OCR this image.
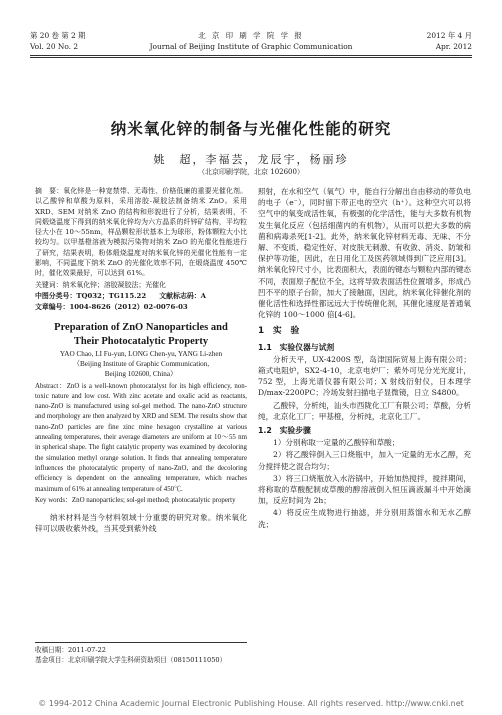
第 20 卷 第 2 期	北 京 印 刷 学 院 学 报	2012 年 4 月
Vol. 20 No. 2	Journal of Beijing Institute of Graphic Communication	Apr. 2012
纳米氧化锌的制备与光催化性能的研究
姚　超，李福芸，龙辰宇，杨丽珍
（北京印刷学院，北京 102600）

摘　要：氧化锌是一种宽禁带、无毒性、价格低廉的重要光催化剂。以乙酸锌和草酸为原料，采用溶胶-凝胶法制备纳米 ZnO。采用 XRD、SEM 对纳米 ZnO 的结构和形貌进行了分析，结果表明，不同煅烧温度下得到的纳米氧化锌均为六方晶系的纤锌矿结构，平均粒径大小在 10～55nm，样品颗粒形状基本上为球形，粉体颗粒大小比较均匀。以甲基橙溶液为模拟污染物对纳米 ZnO 的光催化性能进行了研究，结果表明，粉体煅烧温度对纳米氧化锌的光催化性能有一定影响，不同温度下纳米 ZnO 的光催化效率不同，在煅烧温度 450℃时，催化效果最好，可以达到 61%。

关键词：纳米氧化锌；溶胶凝胶法；光催化

中图分类号：TQ032；TG115.22 文献标志码：A

文章编号：1004-8626（2012）02-0076-03

Preparation of ZnO Nanoparticles and
Their Photocatalytic Property
YAO Chao, LI Fu-yun, LONG Chen-yu, YANG Li-zhen
（Beijing Institute of Graphic Communication,
Beijing 102600, China）

Abstract：ZnO is a well-known photocatalyst for its high efficiency, non-toxic nature and low cost. With zinc acetate and oxalic acid as reactants, nano-ZnO is manufactured using sol-gel method. The nano-ZnO structure and morphology are then analyzed by XRD and SEM. The results show that nano-ZnO particles are fine zinc mine hexagon crystalline at various annealing temperatures, their average diameters are uniform at 10～55 nm in spherical shape. The fight catalytic property was examined by decoloring the simulation methyl orange solution. It finds that annealing temperature influences the photocatalytic property of nano-ZnO, and the decoloring efficiency is dependent on the annealing temperature, which reaches maximum of 61% at annealing temperature of 450℃.

Key words：ZnO nanoparticles; sol-gel method; photocatalytic property

纳米材料是当今材料领域十分重要的研究对象。纳米氧化锌可以吸收紫外线，当其受到紫外线

收稿日期：2011-07-22
基金项目：北京印刷学院大学生科研资助项目（08150111050）

照射，在水和空气（氧气）中，能自行分解出自由移动的带负电的电子（e⁻），同时留下带正电的空穴（h⁺）。这种空穴可以将空气中的氧变成活性氧，有极强的化学活性，能与大多数有机物发生氧化反应（包括细菌内的有机物），从而可以把大多数的病菌和病毒杀死[1-2]。此外，纳米氧化锌材料无毒、无味、不分解、不变质、稳定性好、对皮肤无刺激、有收敛、消炎、防皱和保护等功能，因此，在日用化工及医药领域得到广泛应用[3]。纳米氧化锌尺寸小，比表面积大，表面的键态与颗粒内部的键态不同，表面原子配位不全，这将导致表面活性位置增多，形成凸凹不平的原子台阶，加大了接触面，因此，纳米氧化锌催化剂的催化活性和选择性都远远大于传统催化剂，其催化速度是普通氧化锌的 100～1000 倍[4-6]。

1　实　验
1.1　实验仪器与试剂

分析天平，UX-4200S 型，岛津国际贸易上海有限公司；箱式电阻炉，SX2-4-10，北京电炉厂；紫外可见分光光度计，752 型，上海光谱仪器有限公司；X 射线衍射仪，日本理学 D/max-2200PC；冷场发射扫描电子显微镜，日立 S4800。

乙酸锌，分析纯，汕头市西陇化工厂有限公司；草酸，分析纯，北京化工厂；甲基橙，分析纯，北京化工厂。

1.2　实验步骤

1）分别称取一定量的乙酸锌和草酸；

2）将乙酸锌倒入三口烧瓶中，加入一定量的无水乙醇，充分搅拌使之混合均匀；

3）将三口烧瓶放入水浴锅中，开始加热搅拌，搅拌期间，将称取的草酸配制成草酸的醇溶液倒入恒压滴液漏斗中开始滴加，反应时间为 2h；

4）将反应生成物进行抽滤，并分别用蒸馏水和无水乙醇洗；

© 1994-2012 China Academic Journal Electronic Publishing House. All rights reserved. http://www.cnki.net
